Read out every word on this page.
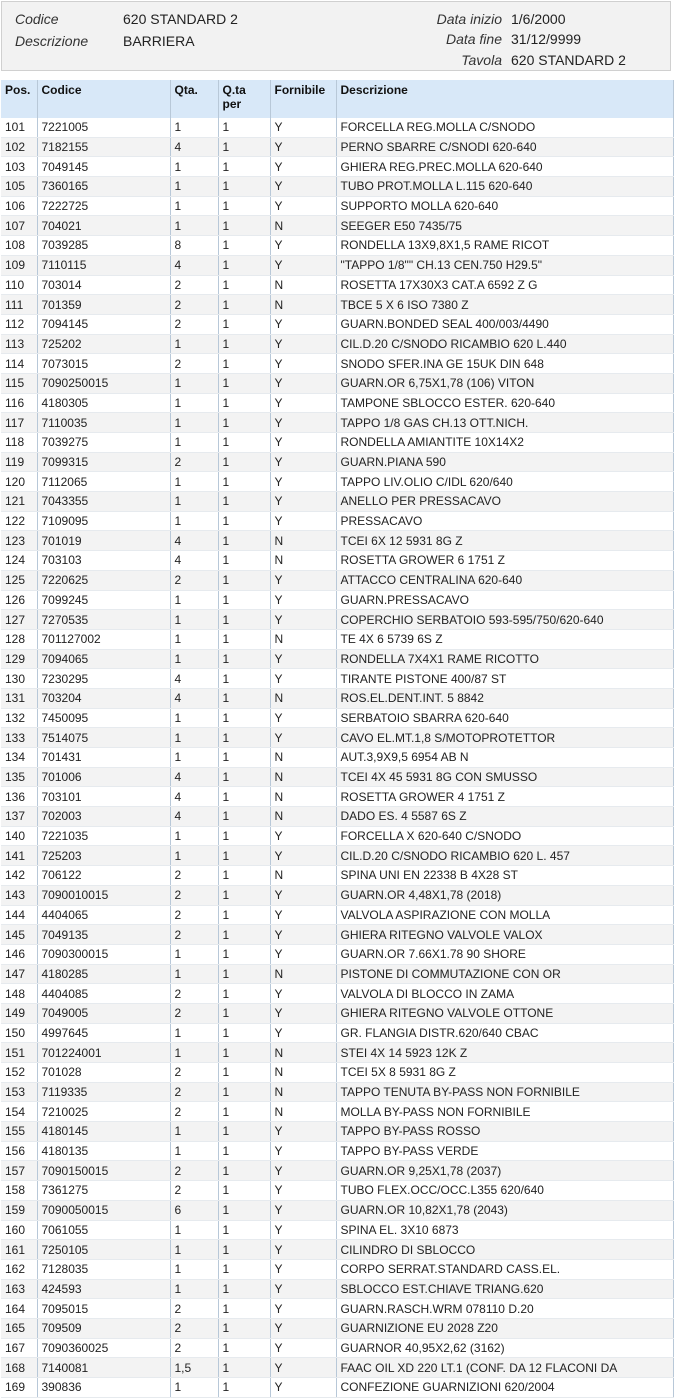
Codice	620 STANDARD 2
Descrizione BARRIERA
Data inizio 1/6/2000
Data fine 31/12/9999
Tavola 620 STANDARD 2
Pos.	Codice	Qta.	Q.ta per	Fornibile	Descrizione
101	7221005	1	1	Y	FORCELLA REG.MOLLA C/SNODO
102	7182155	4	1	Y	PERNO SBARRE C/SNODI 620-640
103	7049145	1	1	Y	GHIERA REG.PREC.MOLLA 620-640
105	7360165	1	1	Y	TUBO PROT.MOLLA L.115 620-640
106	7222725	1	1	Y	SUPPORTO MOLLA 620-640
107	704021	1	1	N	SEEGER E50 7435/75
108	7039285	8	1	Y	RONDELLA 13X9,8X1,5 RAME RICOT
109	7110115	4	1	Y	"TAPPO 1/8"" CH.13 CEN.750 H29.5"
110	703014	2	1	N	ROSETTA 17X30X3 CAT.A 6592 Z G
111	701359	2	1	N	TBCE 5 X 6 ISO 7380 Z
112	7094145	2	1	Y	GUARN.BONDED SEAL 400/003/4490
113	725202	1	1	Y	CIL.D.20 C/SNODO RICAMBIO 620 L.440
114	7073015	2	1	Y	SNODO SFER.INA GE 15UK DIN 648
115	7090250015	1	1	Y	GUARN.OR 6,75X1,78 (106) VITON
116	4180305	1	1	Y	TAMPONE SBLOCCO ESTER. 620-640
117	7110035	1	1	Y	TAPPO 1/8 GAS CH.13 OTT.NICH.
118	7039275	1	1	Y	RONDELLA AMIANTITE 10X14X2
119	7099315	2	1	Y	GUARN.PIANA 590
120	7112065	1	1	Y	TAPPO LIV.OLIO C/IDL 620/640
121	7043355	1	1	Y	ANELLO PER PRESSACAVO
122	7109095	1	1	Y	PRESSACAVO
123	701019	4	1	N	TCEI 6X 12 5931 8G Z
124	703103	4	1	N	ROSETTA GROWER 6 1751 Z
125	7220625	2	1	Y	ATTACCO CENTRALINA 620-640
126	7099245	1	1	Y	GUARN.PRESSACAVO
127	7270535	1	1	Y	COPERCHIO SERBATOIO 593-595/750/620-640
128	701127002	1	1	N	TE 4X 6 5739 6S Z
129	7094065	1	1	Y	RONDELLA 7X4X1 RAME RICOTTO
130	7230295	4	1	Y	TIRANTE PISTONE 400/87 ST
131	703204	4	1	N	ROS.EL.DENT.INT. 5 8842
132	7450095	1	1	Y	SERBATOIO SBARRA 620-640
133	7514075	1	1	Y	CAVO EL.MT.1,8 S/MOTOPROTETTOR
134	701431	1	1	N	AUT.3,9X9,5 6954 AB N
135	701006	4	1	N	TCEI 4X 45 5931 8G CON SMUSSO
136	703101	4	1	N	ROSETTA GROWER 4 1751 Z
137	702003	4	1	N	DADO ES. 4 5587 6S Z
140	7221035	1	1	Y	FORCELLA X 620-640 C/SNODO
141	725203	1	1	Y	CIL.D.20 C/SNODO RICAMBIO 620 L. 457
142	706122	2	1	N	SPINA UNI EN 22338 B 4X28 ST
143	7090010015	2	1	Y	GUARN.OR 4,48X1,78 (2018)
144	4404065	2	1	Y	VALVOLA ASPIRAZIONE CON MOLLA
145	7049135	2	1	Y	GHIERA RITEGNO VALVOLE VALOX
146	7090300015	1	1	Y	GUARN.OR 7.66X1.78 90 SHORE
147	4180285	1	1	N	PISTONE DI COMMUTAZIONE CON OR
148	4404085	2	1	Y	VALVOLA DI BLOCCO IN ZAMA
149	7049005	2	1	Y	GHIERA RITEGNO VALVOLE OTTONE
150	4997645	1	1	Y	GR. FLANGIA DISTR.620/640 CBAC
151	701224001	1	1	N	STEI 4X 14 5923 12K Z
152	701028	2	1	N	TCEI 5X 8 5931 8G Z
153	7119335	2	1	N	TAPPO TENUTA BY-PASS NON FORNIBILE
154	7210025	2	1	N	MOLLA BY-PASS NON FORNIBILE
155	4180145	1	1	Y	TAPPO BY-PASS ROSSO
156	4180135	1	1	Y	TAPPO BY-PASS VERDE
157	7090150015	2	1	Y	GUARN.OR 9,25X1,78 (2037)
158	7361275	2	1	Y	TUBO FLEX.OCC/OCC.L355 620/640
159	7090050015	6	1	Y	GUARN.OR 10,82X1,78 (2043)
160	7061055	1	1	Y	SPINA EL. 3X10 6873
161	7250105	1	1	Y	CILINDRO DI SBLOCCO
162	7128035	1	1	Y	CORPO SERRAT.STANDARD CASS.EL.
163	424593	1	1	Y	SBLOCCO EST.CHIAVE TRIANG.620
164	7095015	2	1	Y	GUARN.RASCH.WRM 078110 D.20
165	709509	2	1	Y	GUARNIZIONE EU 2028 Z20
167	7090360025	2	1	Y	GUARNOR 40,95X2,62 (3162)
168	7140081	1,5	1	Y	FAAC OIL XD 220 LT.1 (CONF. DA 12 FLACONI DA
169	390836	1	1	Y	CONFEZIONE GUARNIZIONI 620/2004
